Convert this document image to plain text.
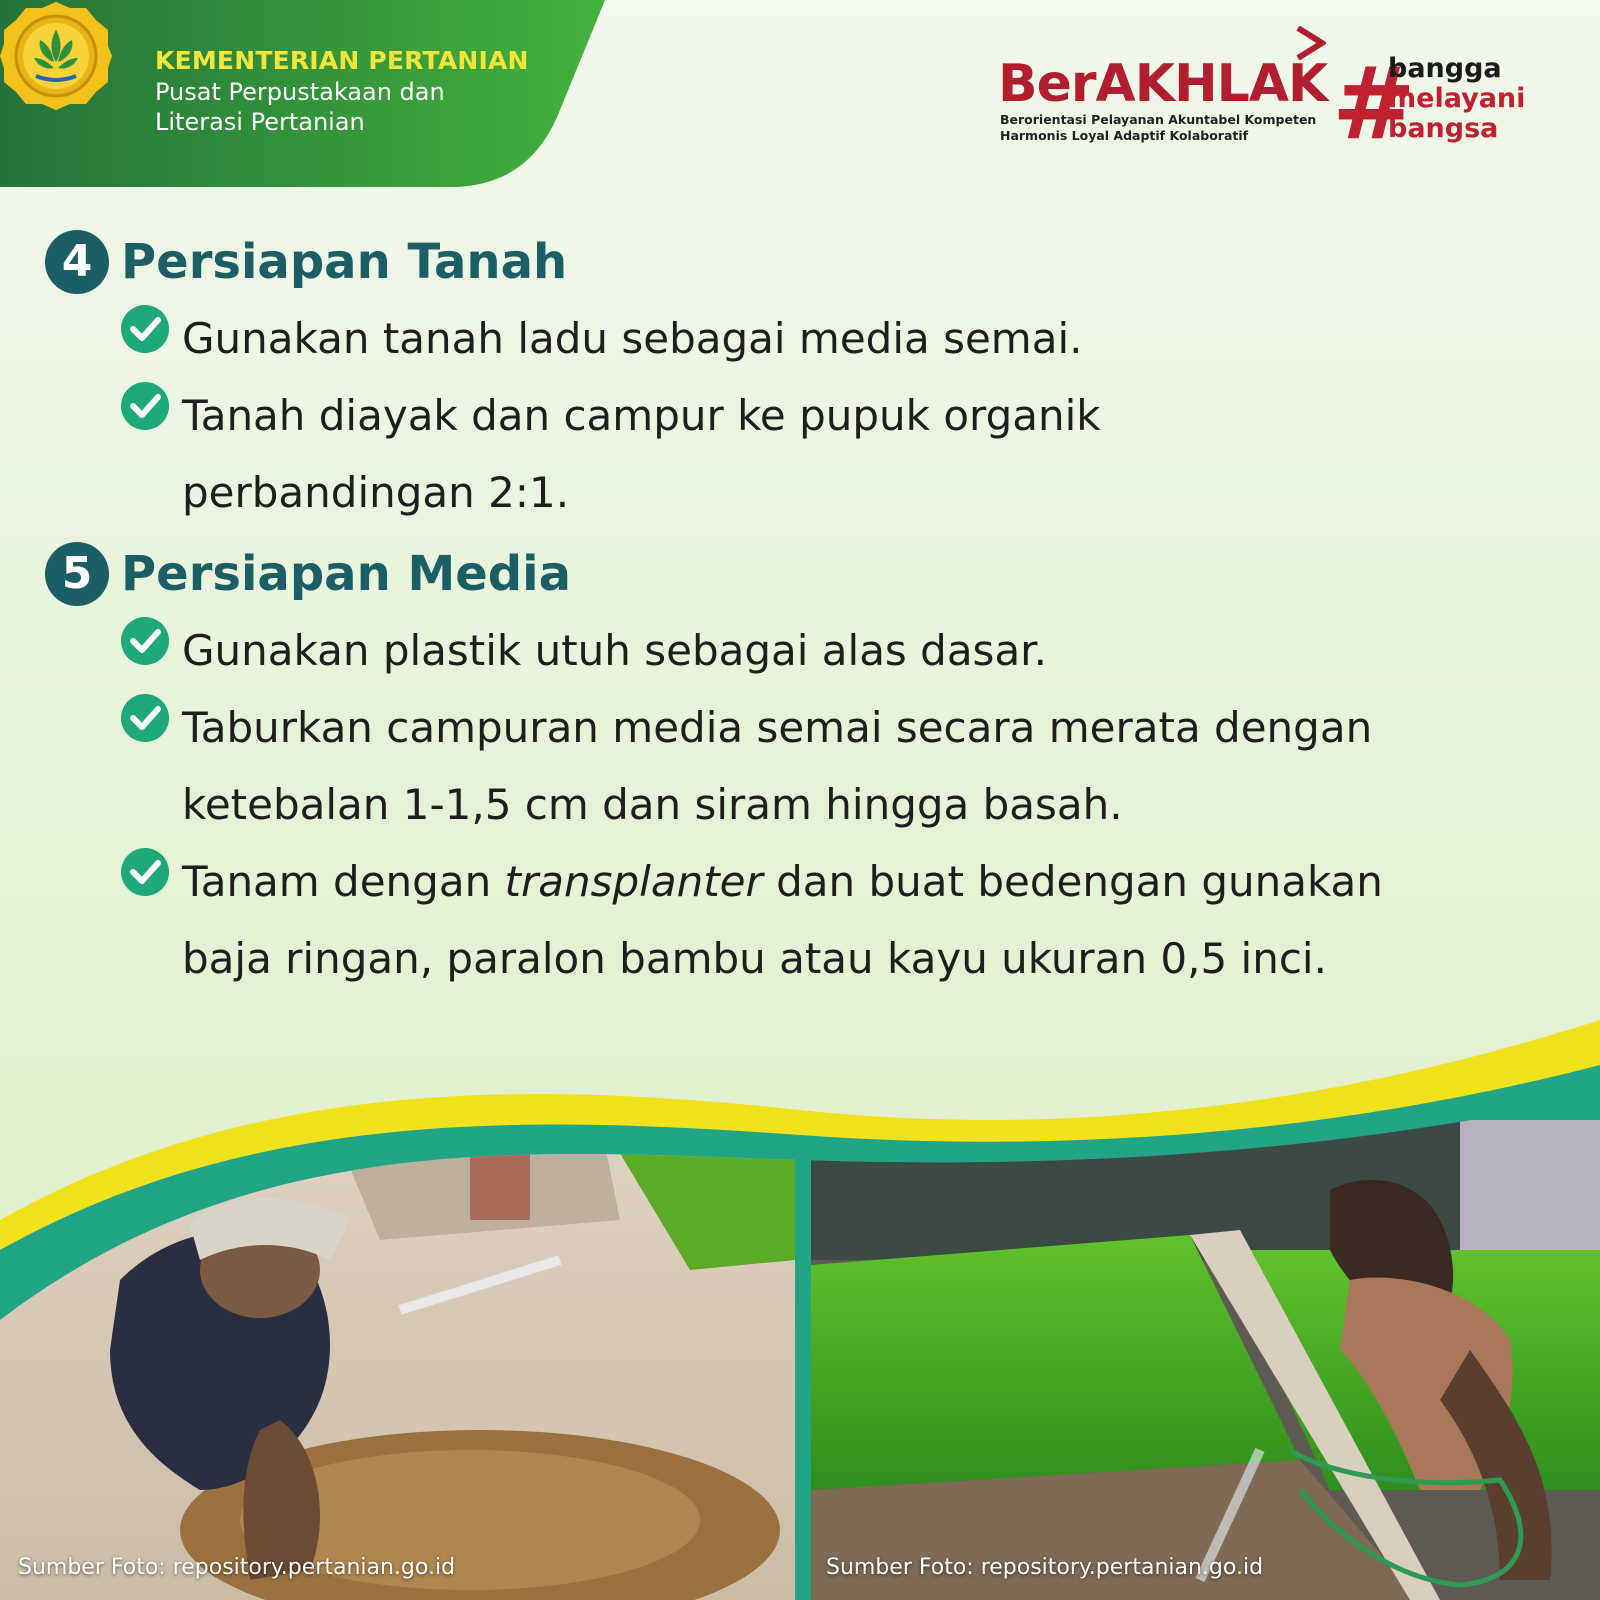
KEMENTERIAN PERTANIAN
Pusat Perpustakaan dan
Literasi Pertanian
BerAKHLAK
Berorientasi Pelayanan Akuntabel Kompeten
Harmonis Loyal Adaptif Kolaboratif #
bangga
melayani
bangsa
4 Persiapan Tanah
Gunakan tanah ladu sebagai media semai.
Tanah diayak dan campur ke pupuk organik perbandingan 2:1.
5 Persiapan Media
Gunakan plastik utuh sebagai alas dasar.
Taburkan campuran media semai secara merata dengan ketebalan 1-1,5 cm dan siram hingga basah.
Tanam dengan transplanter dan buat bedengan gunakan baja ringan, paralon bambu atau kayu ukuran 0,5 inci.
Sumber Foto: repository.pertanian.go.id	Sumber Foto: repository.pertanian.go.id
